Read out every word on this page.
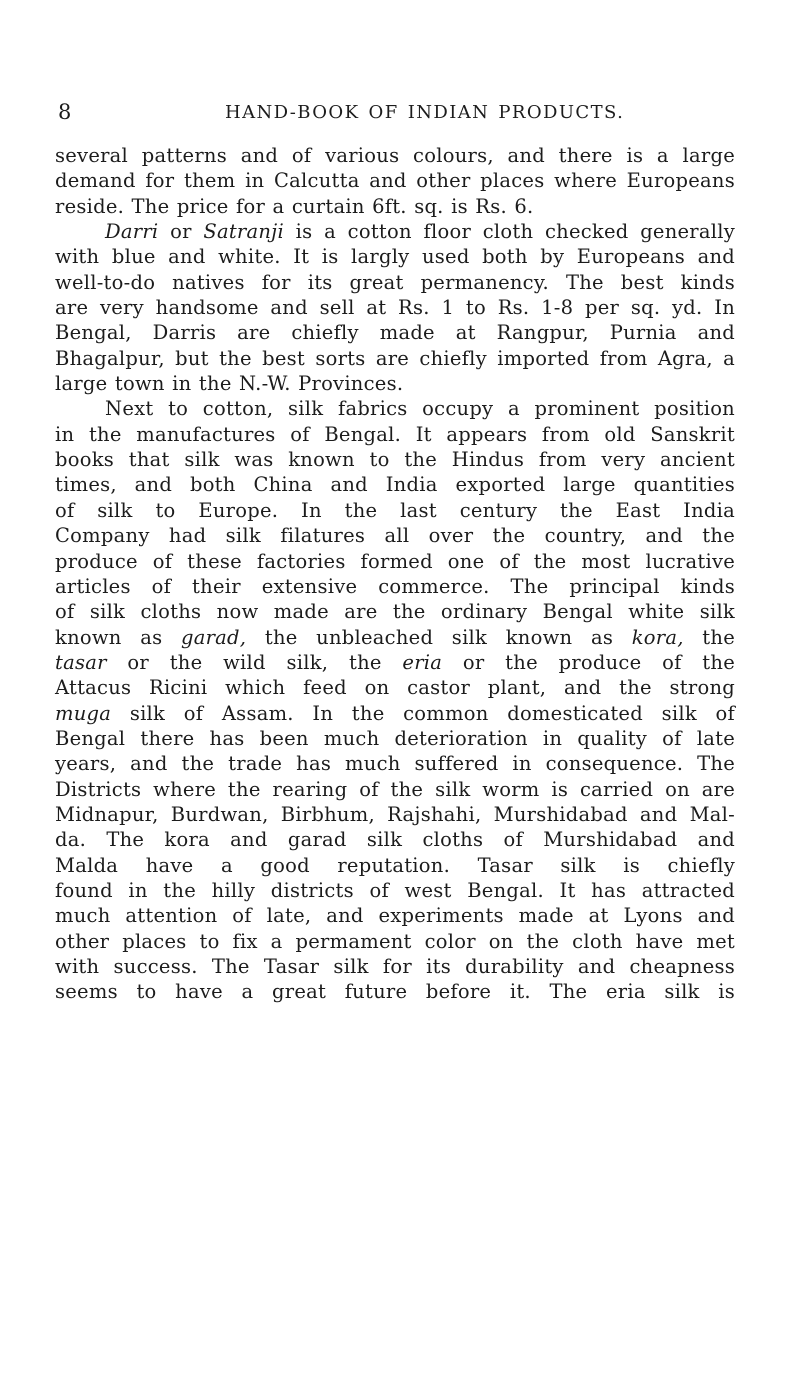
8	HAND-BOOK OF INDIAN PRODUCTS.
several patterns and of various colours, and there is a large
demand for them in Calcutta and other places where Europeans
reside. The price for a curtain 6ft. sq. is Rs. 6.
Darri or Satranji is a cotton floor cloth checked generally
with blue and white. It is largly used both by Europeans and
well-to-do natives for its great permanency. The best kinds
are very handsome and sell at Rs. 1 to Rs. 1-8 per sq. yd. In
Bengal, Darris are chiefly made at Rangpur, Purnia and
Bhagalpur, but the best sorts are chiefly imported from Agra, a
large town in the N.-W. Provinces.
Next to cotton, silk fabrics occupy a prominent position
in the manufactures of Bengal. It appears from old Sanskrit
books that silk was known to the Hindus from very ancient
times, and both China and India exported large quantities
of silk to Europe. In the last century the East India
Company had silk filatures all over the country, and the
produce of these factories formed one of the most lucrative
articles of their extensive commerce. The principal kinds
of silk cloths now made are the ordinary Bengal white silk
known as garad, the unbleached silk known as kora, the
tasar or the wild silk, the eria or the produce of the
Attacus Ricini which feed on castor plant, and the strong
muga silk of Assam. In the common domesticated silk of
Bengal there has been much deterioration in quality of late
years, and the trade has much suffered in consequence. The
Districts where the rearing of the silk worm is carried on are
Midnapur, Burdwan, Birbhum, Rajshahi, Murshidabad and Mal-
da. The kora and garad silk cloths of Murshidabad and
Malda have a good reputation. Tasar silk is chiefly
found in the hilly districts of west Bengal. It has attracted
much attention of late, and experiments made at Lyons and
other places to fix a permament color on the cloth have met
with success. The Tasar silk for its durability and cheapness
seems to have a great future before it. The eria silk is
